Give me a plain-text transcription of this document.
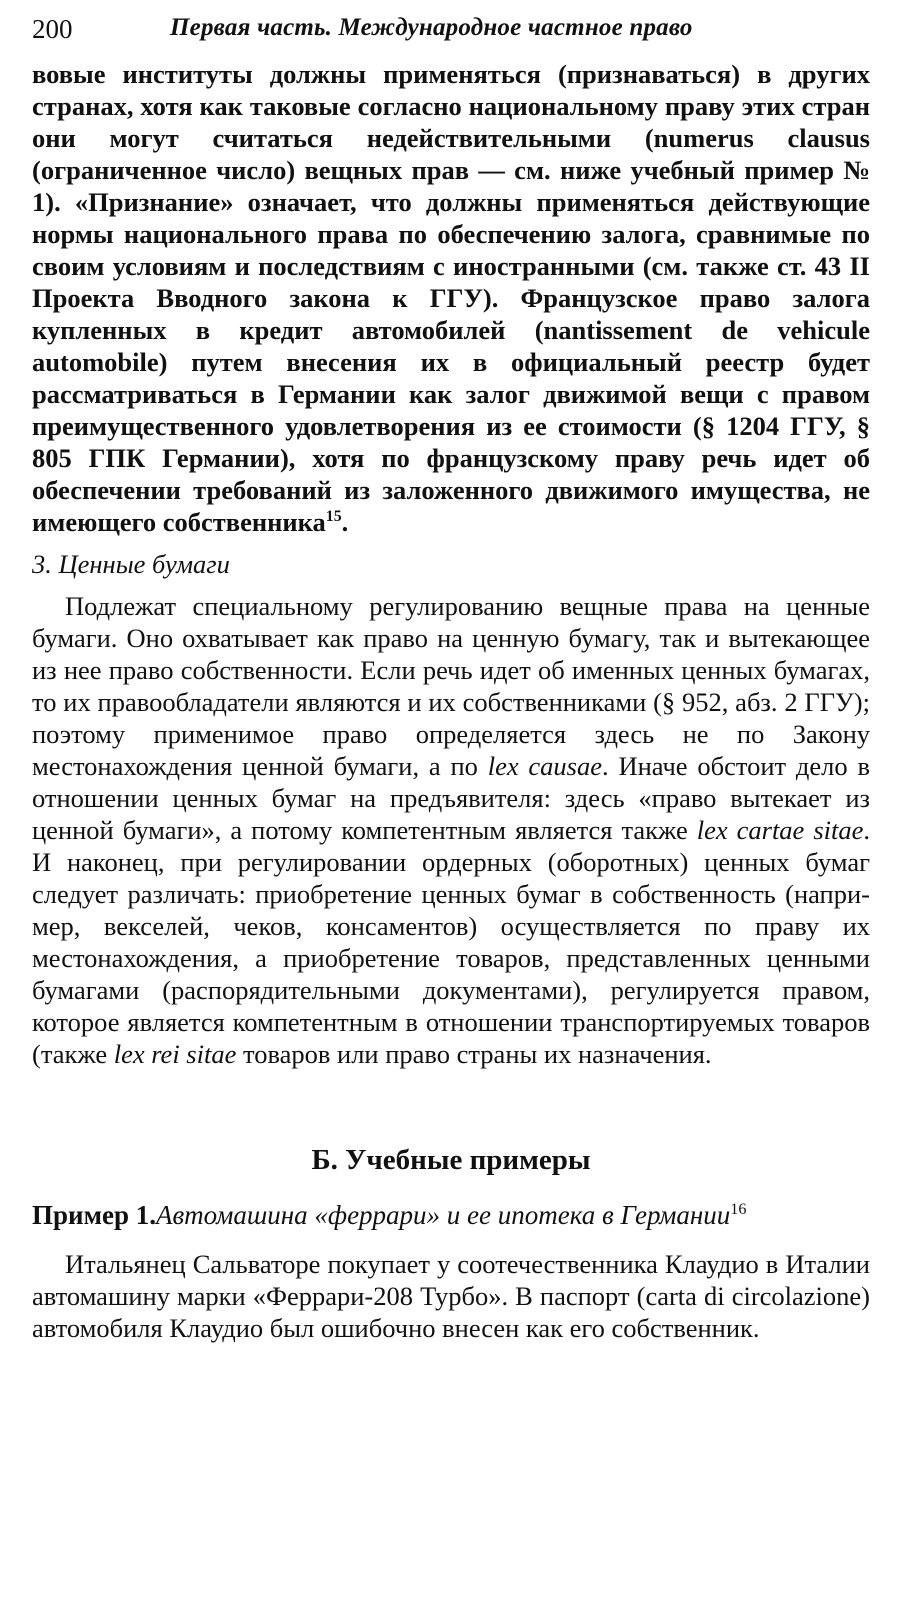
200	Первая часть. Международное частное право

вовые институты должны применяться (признаваться) в других странах, хотя как таковые согласно национальному праву этих стран они могут считаться недействительными (numerus clausus (ограниченное число) вещных прав — см. ниже учебный пример № 1). «Признание» означает, что должны применяться действующие нормы национального права по обеспечению залога, сравнимые по своим условиям и последствиям с иностранными (см. также ст. 43 II Проекта Вводного закона к ГГУ). Французское право залога купленных в кредит автомобилей (nantissement de vehicule automobile) путем внесения их в официальный реестр будет рассматриваться в Германии как залог движимой вещи с правом преимущественного удовлетворения из ее стоимости (§ 1204 ГГУ, § 805 ГПК Германии), хотя по французскому праву речь идет об обеспечении требований из заложенного движимого имущества, не имеющего собственника$^{15}$.

3. Ценные бумаги

Подлежат специальному регулированию вещные права на ценные бумаги. Оно охватывает как право на ценную бумагу, так и вытекающее из нее право собственности. Если речь идет об именных ценных бумагах, то их правообладатели являются и их собственниками (§ 952, абз. 2 ГГУ); поэтому применимое право определяется здесь не по Закону местонахождения ценной бумаги, а по lex causae. Иначе обстоит дело в отношении ценных бумаг на предъявителя: здесь «право вытекает из ценной бумаги», а потому компетентным является также lex cartae sitae. И наконец, при регулировании ордерных (оборотных) ценных бумаг следует различать: приобретение ценных бумаг в собственность (например, векселей, чеков, консаментов) осуществляется по праву их местонахождения, а приобретение товаров, представленных ценными бумагами (распорядительными документами), регулируется правом, которое является компетентным в отношении транспортируемых товаров (также lex rei sitae товаров или право страны их назначения.

Б. Учебные примеры
Пример 1.Автомашина «феррари» и ее ипотека в Германии$^{16}$

Итальянец Сальваторе покупает у соотечественника Клаудио в Италии автомашину марки «Феррари-208 Турбо». В паспорт (carta di circolazione) автомобиля Клаудио был ошибочно внесен как его собственник.
